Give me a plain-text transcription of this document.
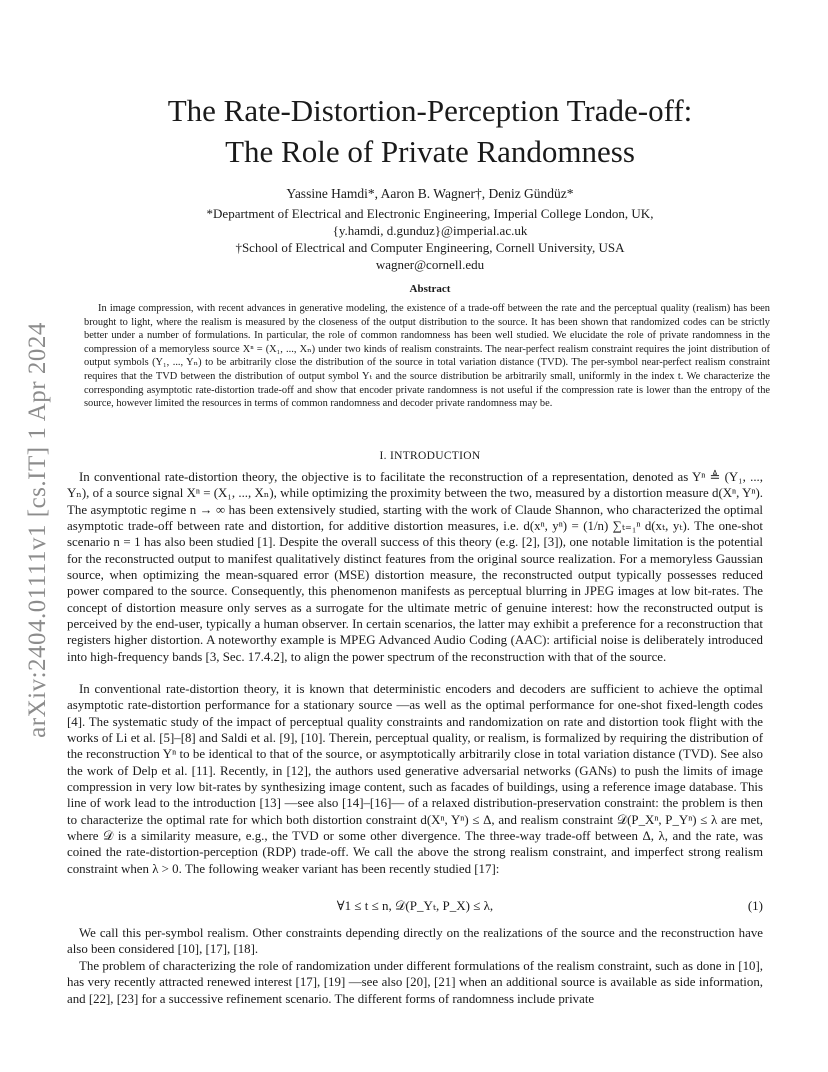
arXiv:2404.01111v1 [cs.IT] 1 Apr 2024
The Rate-Distortion-Perception Trade-off:
The Role of Private Randomness
Yassine Hamdi*, Aaron B. Wagner†, Deniz Gündüz*
*Department of Electrical and Electronic Engineering, Imperial College London, UK,
{y.hamdi, d.gunduz}@imperial.ac.uk
†School of Electrical and Computer Engineering, Cornell University, USA
wagner@cornell.edu
Abstract

In image compression, with recent advances in generative modeling, the existence of a trade-off between the rate and the perceptual quality (realism) has been brought to light, where the realism is measured by the closeness of the output distribution to the source. It has been shown that randomized codes can be strictly better under a number of formulations. In particular, the role of common randomness has been well studied. We elucidate the role of private randomness in the compression of a memoryless source Xⁿ = (X₁, ..., Xₙ) under two kinds of realism constraints. The near-perfect realism constraint requires the joint distribution of output symbols (Y₁, ..., Yₙ) to be arbitrarily close the distribution of the source in total variation distance (TVD). The per-symbol near-perfect realism constraint requires that the TVD between the distribution of output symbol Yₜ and the source distribution be arbitrarily small, uniformly in the index t. We characterize the corresponding asymptotic rate-distortion trade-off and show that encoder private randomness is not useful if the compression rate is lower than the entropy of the source, however limited the resources in terms of common randomness and decoder private randomness may be.

I. INTRODUCTION

In conventional rate-distortion theory, the objective is to facilitate the reconstruction of a representation, denoted as Yⁿ ≜ (Y₁, ..., Yₙ), of a source signal Xⁿ = (X₁, ..., Xₙ), while optimizing the proximity between the two, measured by a distortion measure d(Xⁿ, Yⁿ). The asymptotic regime n → ∞ has been extensively studied, starting with the work of Claude Shannon, who characterized the optimal asymptotic trade-off between rate and distortion, for additive distortion measures, i.e. d(xⁿ, yⁿ) = (1/n) ∑ₜ₌₁ⁿ d(xₜ, yₜ). The one-shot scenario n = 1 has also been studied [1]. Despite the overall success of this theory (e.g. [2], [3]), one notable limitation is the potential for the reconstructed output to manifest qualitatively distinct features from the original source realization. For a memoryless Gaussian source, when optimizing the mean-squared error (MSE) distortion measure, the reconstructed output typically possesses reduced power compared to the source. Consequently, this phenomenon manifests as perceptual blurring in JPEG images at low bit-rates. The concept of distortion measure only serves as a surrogate for the ultimate metric of genuine interest: how the reconstructed output is perceived by the end-user, typically a human observer. In certain scenarios, the latter may exhibit a preference for a reconstruction that registers higher distortion. A noteworthy example is MPEG Advanced Audio Coding (AAC): artificial noise is deliberately introduced into high-frequency bands [3, Sec. 17.4.2], to align the power spectrum of the reconstruction with that of the source.

In conventional rate-distortion theory, it is known that deterministic encoders and decoders are sufficient to achieve the optimal asymptotic rate-distortion performance for a stationary source —as well as the optimal performance for one-shot fixed-length codes [4]. The systematic study of the impact of perceptual quality constraints and randomization on rate and distortion took flight with the works of Li et al. [5]–[8] and Saldi et al. [9], [10]. Therein, perceptual quality, or realism, is formalized by requiring the distribution of the reconstruction Yⁿ to be identical to that of the source, or asymptotically arbitrarily close in total variation distance (TVD). See also the work of Delp et al. [11]. Recently, in [12], the authors used generative adversarial networks (GANs) to push the limits of image compression in very low bit-rates by synthesizing image content, such as facades of buildings, using a reference image database. This line of work lead to the introduction [13] —see also [14]–[16]— of a relaxed distribution-preservation constraint: the problem is then to characterize the optimal rate for which both distortion constraint d(Xⁿ, Yⁿ) ≤ Δ, and realism constraint 𝒟(P_Xⁿ, P_Yⁿ) ≤ λ are met, where 𝒟 is a similarity measure, e.g., the TVD or some other divergence. The three-way trade-off between Δ, λ, and the rate, was coined the rate-distortion-perception (RDP) trade-off. We call the above the strong realism constraint, and imperfect strong realism constraint when λ > 0. The following weaker variant has been recently studied [17]:

∀1 ≤ t ≤ n, 𝒟(P_Yₜ, P_X) ≤ λ,	(1)

We call this per-symbol realism. Other constraints depending directly on the realizations of the source and the reconstruction have also been considered [10], [17], [18].

The problem of characterizing the role of randomization under different formulations of the realism constraint, such as done in [10], has very recently attracted renewed interest [17], [19] —see also [20], [21] when an additional source is available as side information, and [22], [23] for a successive refinement scenario. The different forms of randomness include private
